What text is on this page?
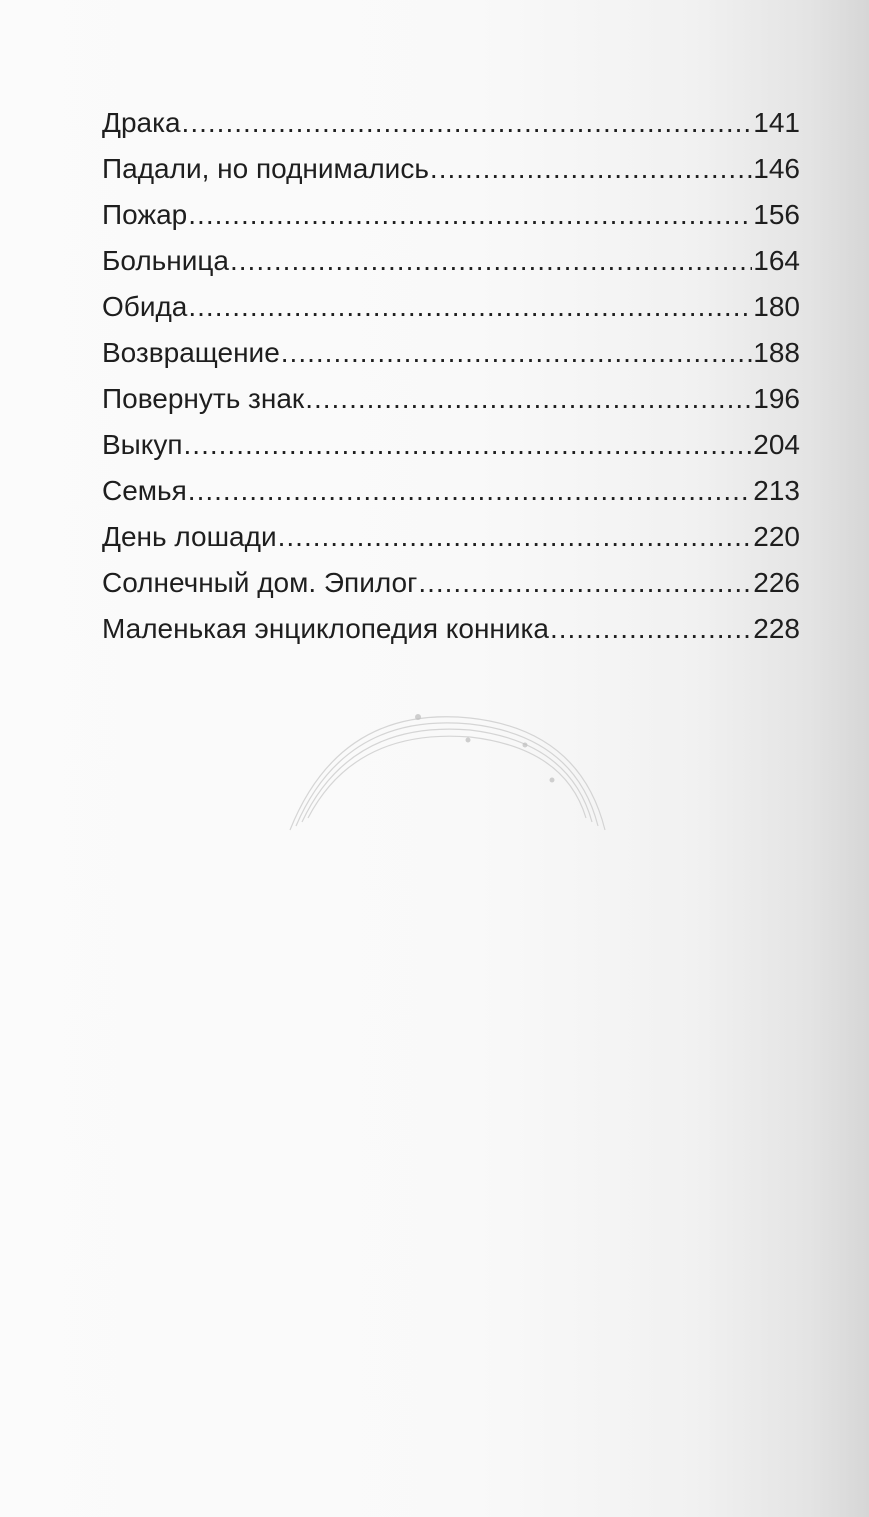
Драка .....	141
Падали, но поднимались .....	146
Пожар .....	156
Больница .....	164
Обида .....	180
Возвращение .....	188
Повернуть знак .....	196
Выкуп .....	204
Семья .....	213
День лошади .....	220
Солнечный дом. Эпилог .....	226
Маленькая энциклопедия конника .....	228
